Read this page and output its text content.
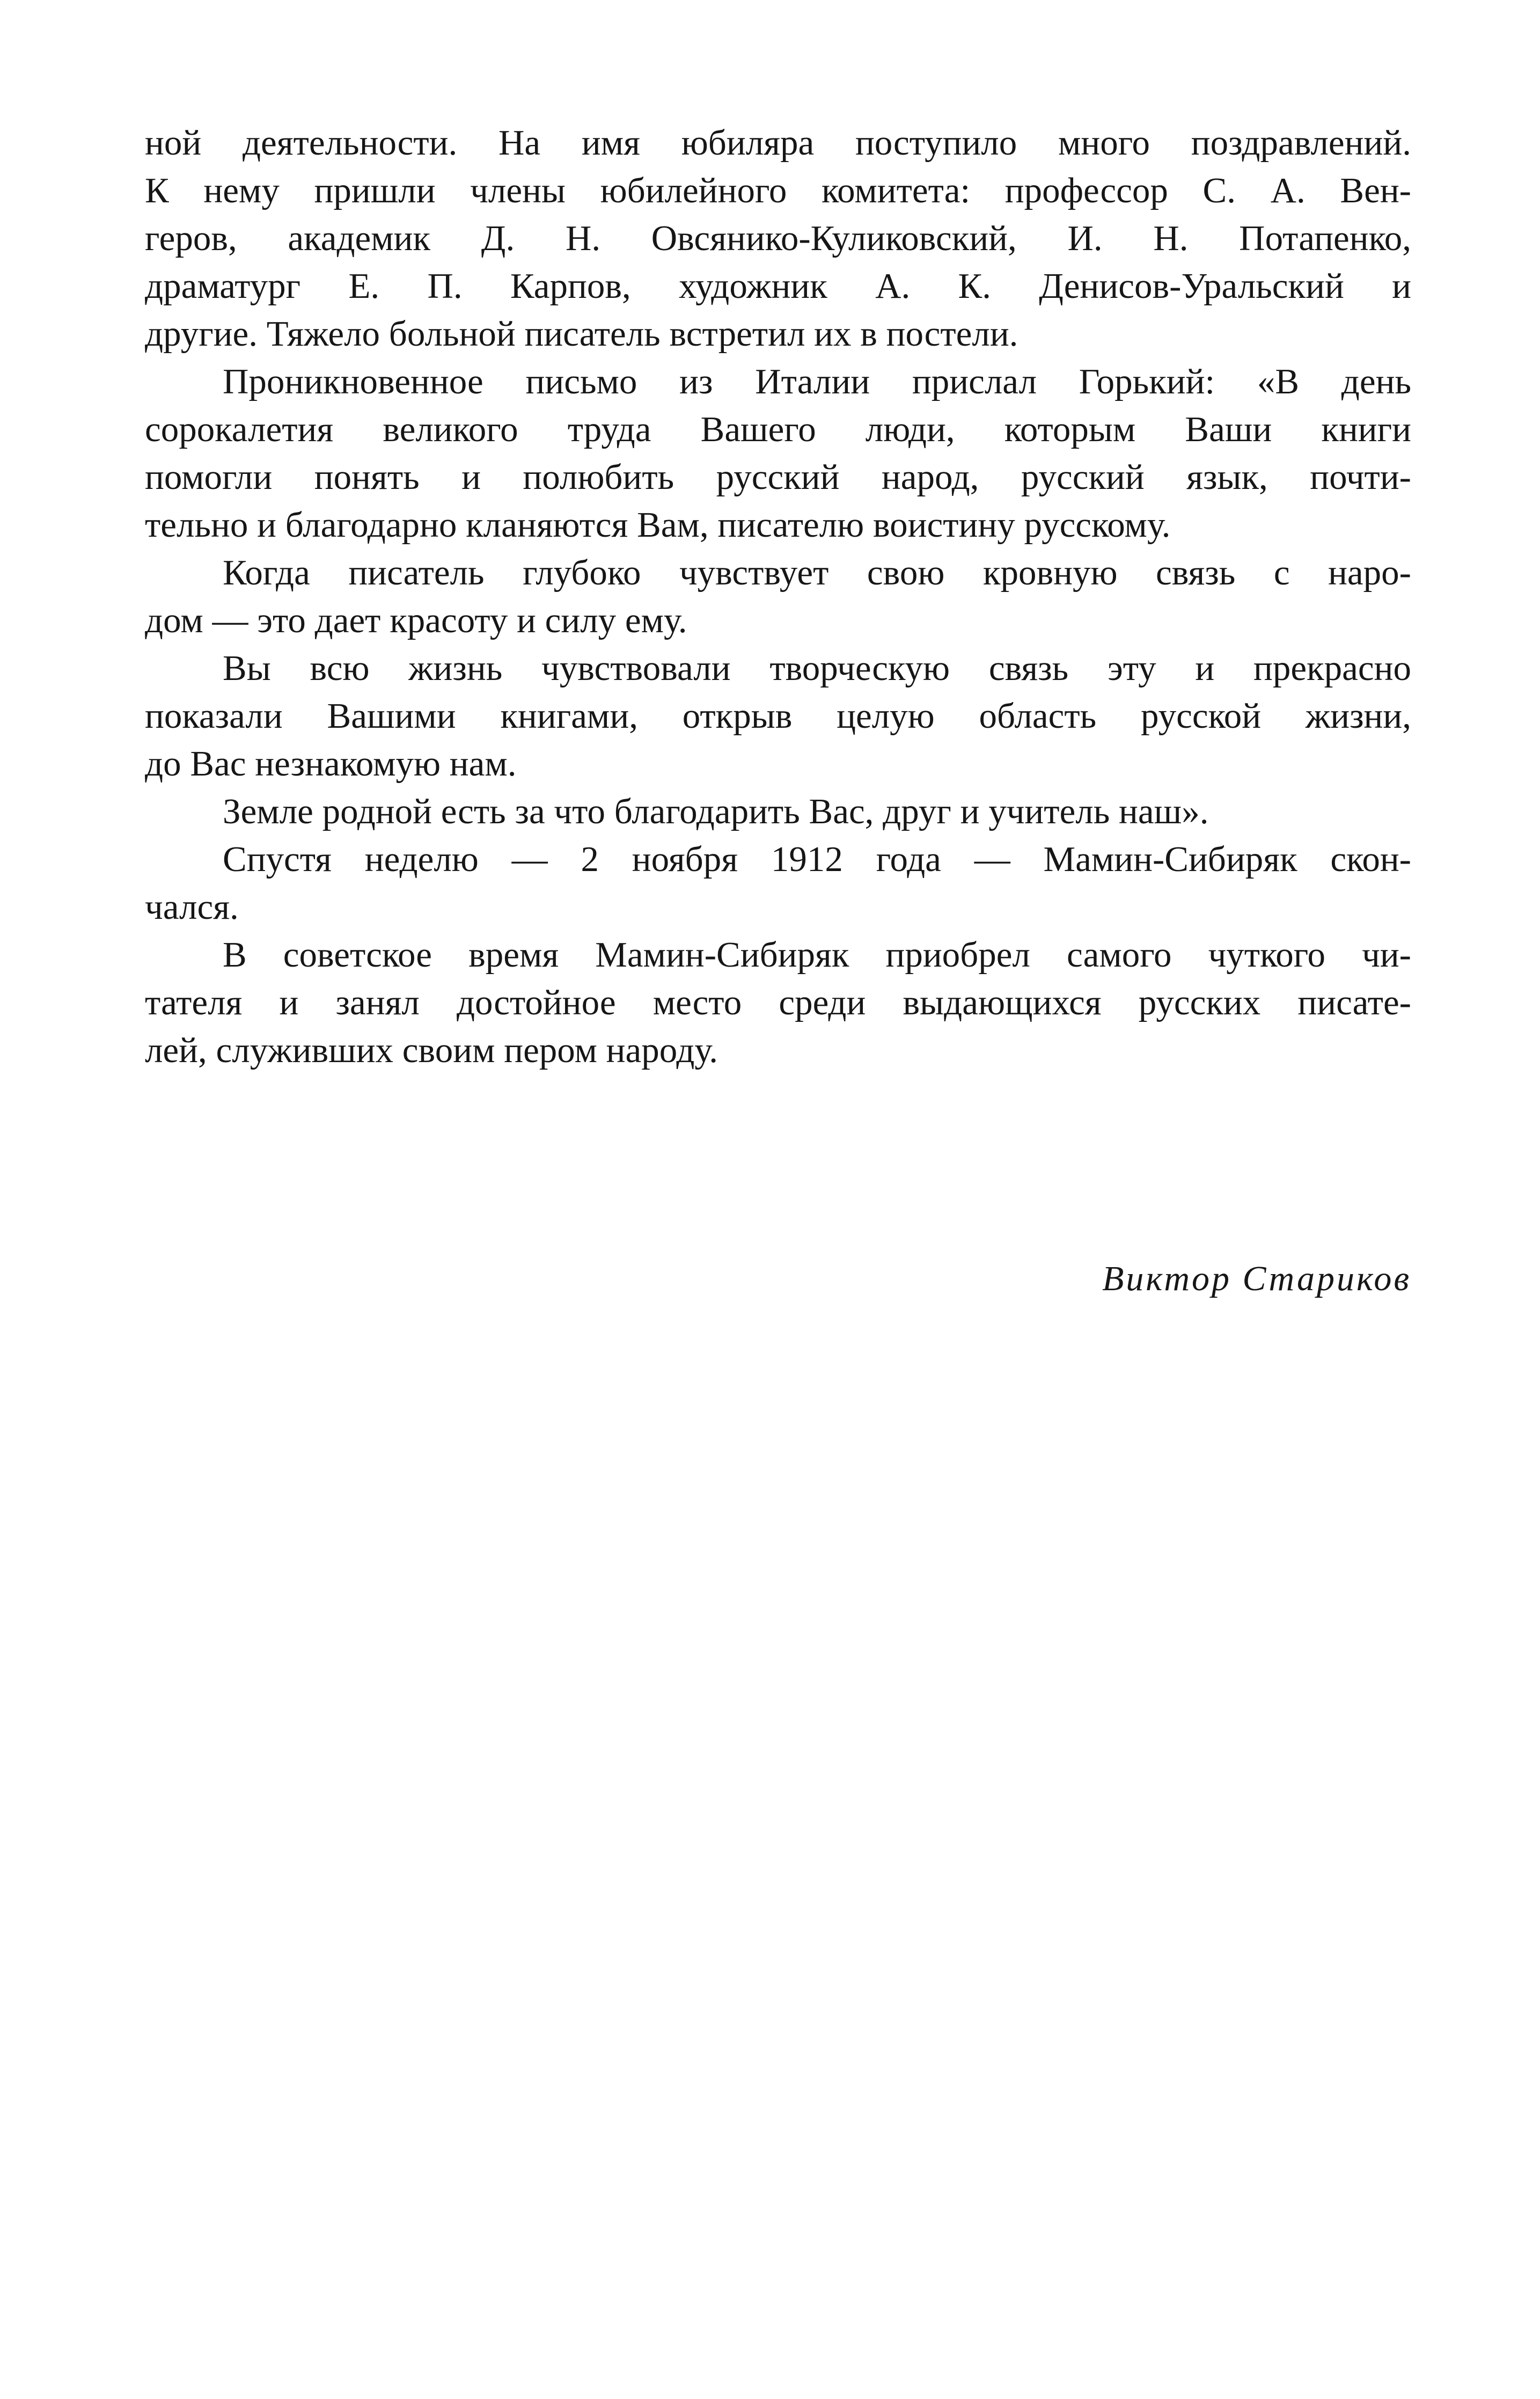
ной деятельности. На имя юбиляра поступило много поздравлений.
К нему пришли члены юбилейного комитета: профессор С. А. Вен-
геров, академик Д. Н. Овсянико-Куликовский, И. Н. Потапенко,
драматург Е. П. Карпов, художник А. К. Денисов-Уральский и
другие. Тяжело больной писатель встретил их в постели.
Проникновенное письмо из Италии прислал Горький: «В день
сорокалетия великого труда Вашего люди, которым Ваши книги
помогли понять и полюбить русский народ, русский язык, почти-
тельно и благодарно кланяются Вам, писателю воистину русскому.
Когда писатель глубоко чувствует свою кровную связь с наро-
дом — это дает красоту и силу ему.
Вы всю жизнь чувствовали творческую связь эту и прекрасно
показали Вашими книгами, открыв целую область русской жизни,
до Вас незнакомую нам.
Земле родной есть за что благодарить Вас, друг и учитель наш».
Спустя неделю — 2 ноября 1912 года — Мамин-Сибиряк скон-
чался.
В советское время Мамин-Сибиряк приобрел самого чуткого чи-
тателя и занял достойное место среди выдающихся русских писате-
лей, служивших своим пером народу.
Виктор Стариков
